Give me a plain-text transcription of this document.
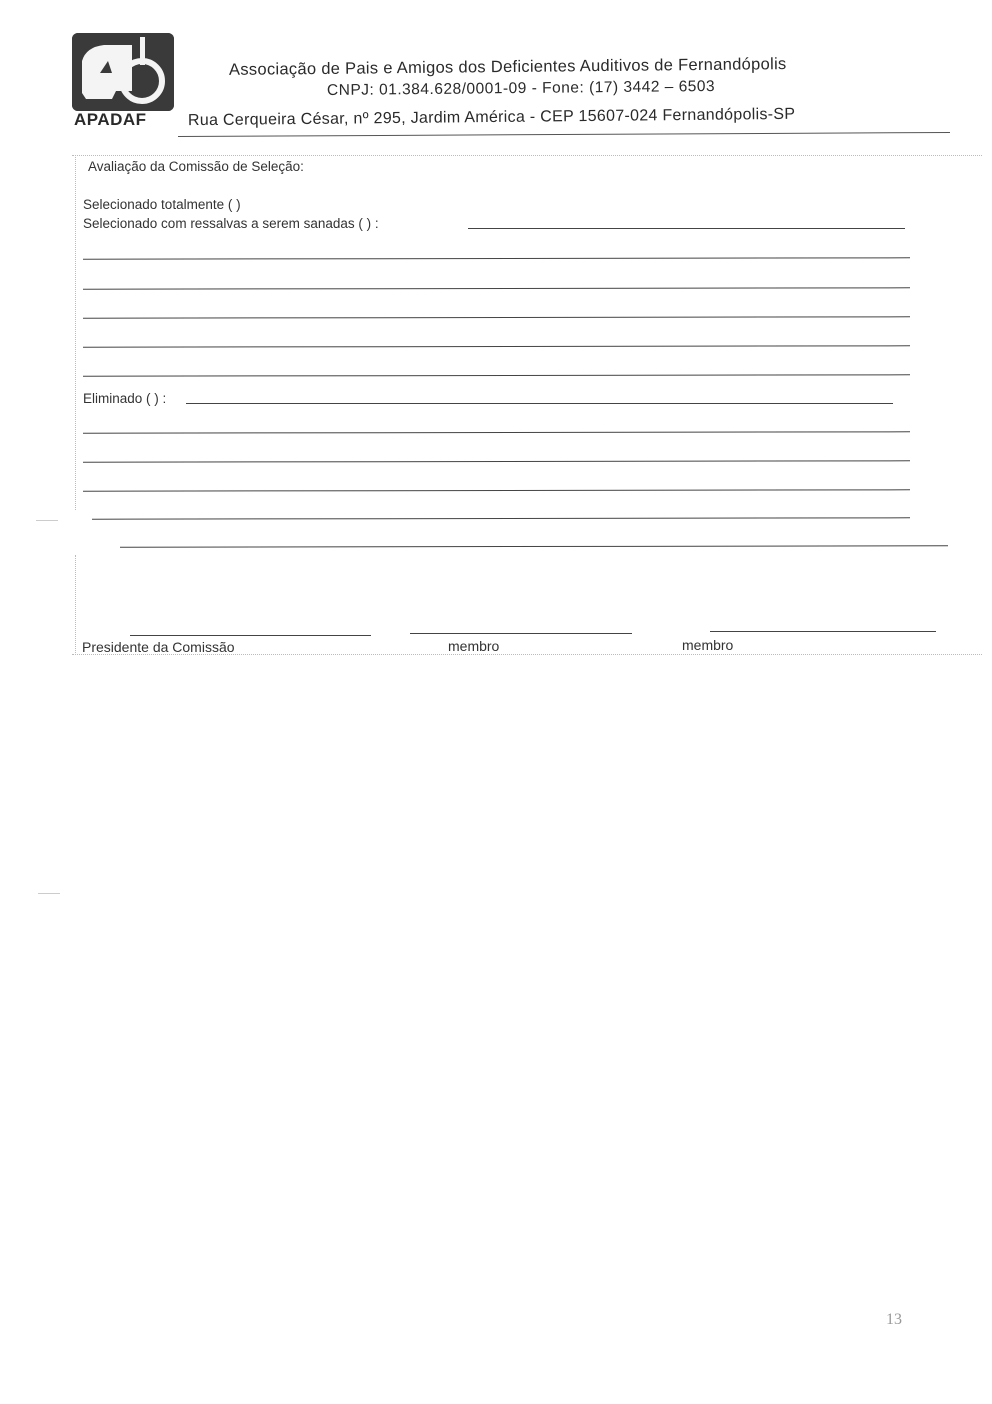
APADAF
Associação de Pais e Amigos dos Deficientes Auditivos de Fernandópolis
CNPJ: 01.384.628/0001-09 - Fone: (17) 3442 – 6503
Rua Cerqueira César, nº 295, Jardim América - CEP 15607-024 Fernandópolis-SP
Avaliação da Comissão de Seleção:
Selecionado totalmente ( )
Selecionado com ressalvas a serem sanadas ( ) :
Eliminado ( ) :
Presidente da Comissão	membro	membro
13
